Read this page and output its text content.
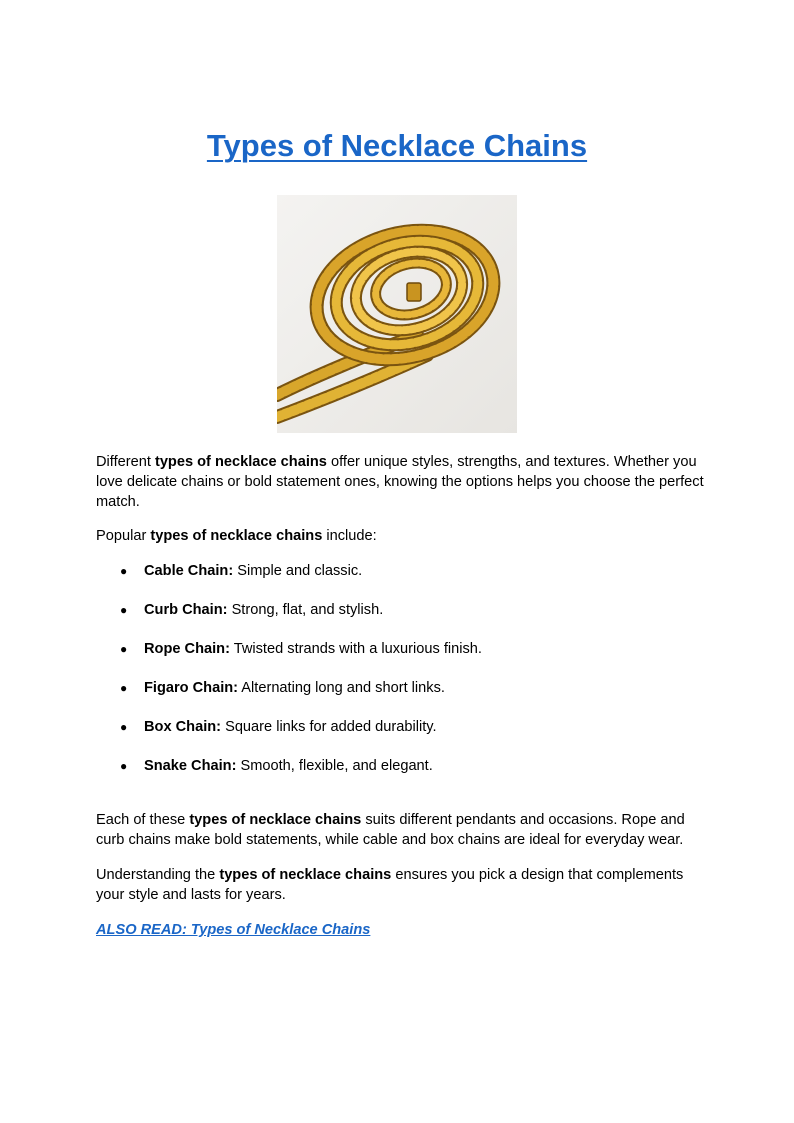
Types of Necklace Chains

Different types of necklace chains offer unique styles, strengths, and textures. Whether you love delicate chains or bold statement ones, knowing the options helps you choose the perfect match.

Popular types of necklace chains include:

● Cable Chain: Simple and classic.
● Curb Chain: Strong, flat, and stylish.
● Rope Chain: Twisted strands with a luxurious finish.
● Figaro Chain: Alternating long and short links.
● Box Chain: Square links for added durability.
● Snake Chain: Smooth, flexible, and elegant.

Each of these types of necklace chains suits different pendants and occasions. Rope and curb chains make bold statements, while cable and box chains are ideal for everyday wear.

Understanding the types of necklace chains ensures you pick a design that complements your style and lasts for years.

ALSO READ: Types of Necklace Chains
